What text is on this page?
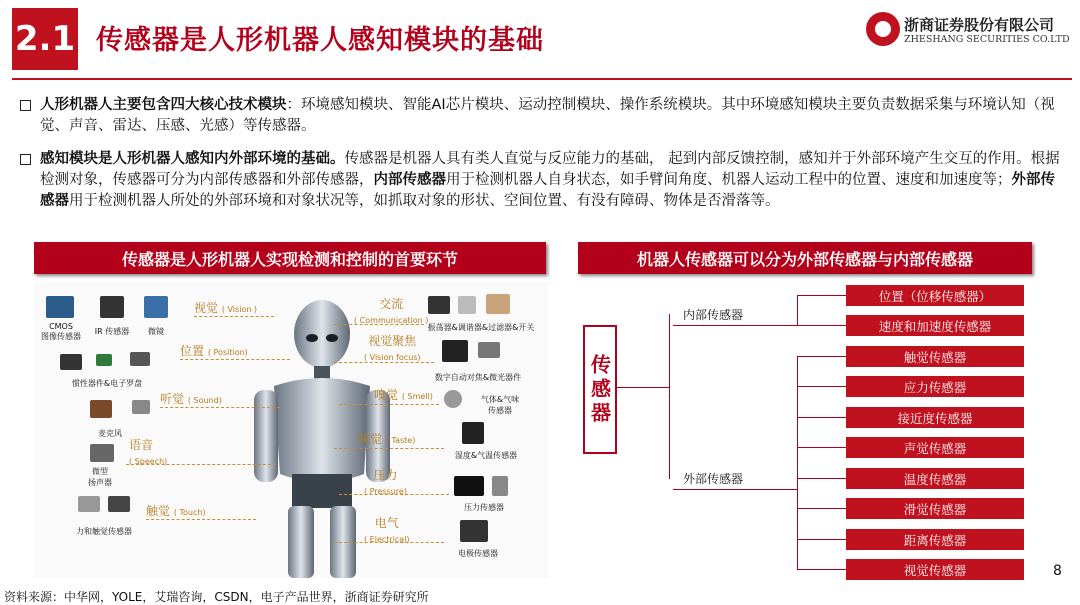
2.1 传感器是人形机器人感知模块的基础	浙商证券股份有限公司
ZHESHANG SECURITIES CO.LTD
人形机器人主要包含四大核心技术模块：环境感知模块、智能AI芯片模块、运动控制模块、操作系统模块。其中环境感知模块主要负责数据采集与环境认知（视觉、声音、雷达、压感、光感）等传感器。
感知模块是人形机器人感知内外部环境的基础。传感器是机器人具有类人直觉与反应能力的基础， 起到内部反馈控制，感知并于外部环境产生交互的作用。根据检测对象，传感器可分为内部传感器和外部传感器，内部传感器用于检测机器人自身状态，如手臂间角度、机器人运动工程中的位置、速度和加速度等；外部传感器用于检测机器人所处的外部环境和对象状况等，如抓取对象的形状、空间位置、有没有障碍、物体是否滑落等。
传感器是人形机器人实现检测和控制的首要环节
视觉 ( Vision )
位置 ( Position)
听觉 ( Sound)
语音
( Speech)
触觉 ( Touch)
交流
( Communication )
视觉聚焦
( Vision focus)
嗅觉 ( Smell)
味觉 ( Taste)
压力
( Pressure)
电气
( Electrical)
CMOS
图像传感器
IR 传感器	微镜
惯性器件&电子罗盘
麦克风
微型
扬声器
力和触觉传感器
振荡器&调谐器&过滤器&开关
数字自动对焦&微光器件
气体&气味
传感器
湿度&气温传感器
压力传感器
电极传感器
机器人传感器可以分为外部传感器与内部传感器
传感器
内部传感器
外部传感器
位置（位移传感器）
速度和加速度传感器
触觉传感器
应力传感器
接近度传感器
声觉传感器
温度传感器
滑觉传感器
距离传感器
视觉传感器	8
资料来源：中华网，YOLE，艾瑞咨询，CSDN，电子产品世界，浙商证券研究所
